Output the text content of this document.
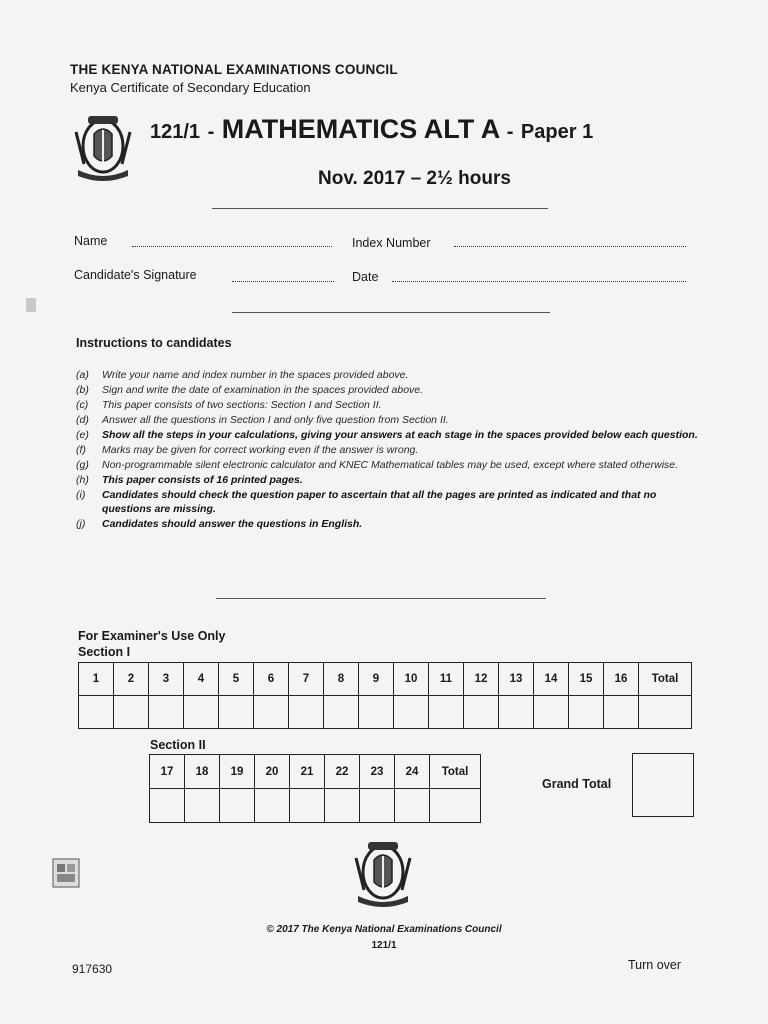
THE KENYA NATIONAL EXAMINATIONS COUNCIL
Kenya Certificate of Secondary Education
121/1 - MATHEMATICS ALT A - Paper 1
Nov. 2017 – 2½ hours
Name	Index Number
Candidate's Signature	Date
Instructions to candidates
(a)	Write your name and index number in the spaces provided above.
(b)	Sign and write the date of examination in the spaces provided above.
(c)	This paper consists of two sections: Section I and Section II.
(d)	Answer all the questions in Section I and only five question from Section II.
(e)	Show all the steps in your calculations, giving your answers at each stage in the spaces provided below each question.
(f)	Marks may be given for correct working even if the answer is wrong.
(g)	Non-programmable silent electronic calculator and KNEC Mathematical tables may be used, except where stated otherwise.
(h)	This paper consists of 16 printed pages.
(i)	Candidates should check the question paper to ascertain that all the pages are printed as indicated and that no questions are missing.
(j)	Candidates should answer the questions in English.
For Examiner's Use Only
Section I
1	2	3	4	5	6	7	8	9	10	11	12	13	14	15	16	Total

Section II
17	18	19	20	21	22	23	24	Total

Grand Total
© 2017 The Kenya National Examinations Council
121/1
917630	Turn over
